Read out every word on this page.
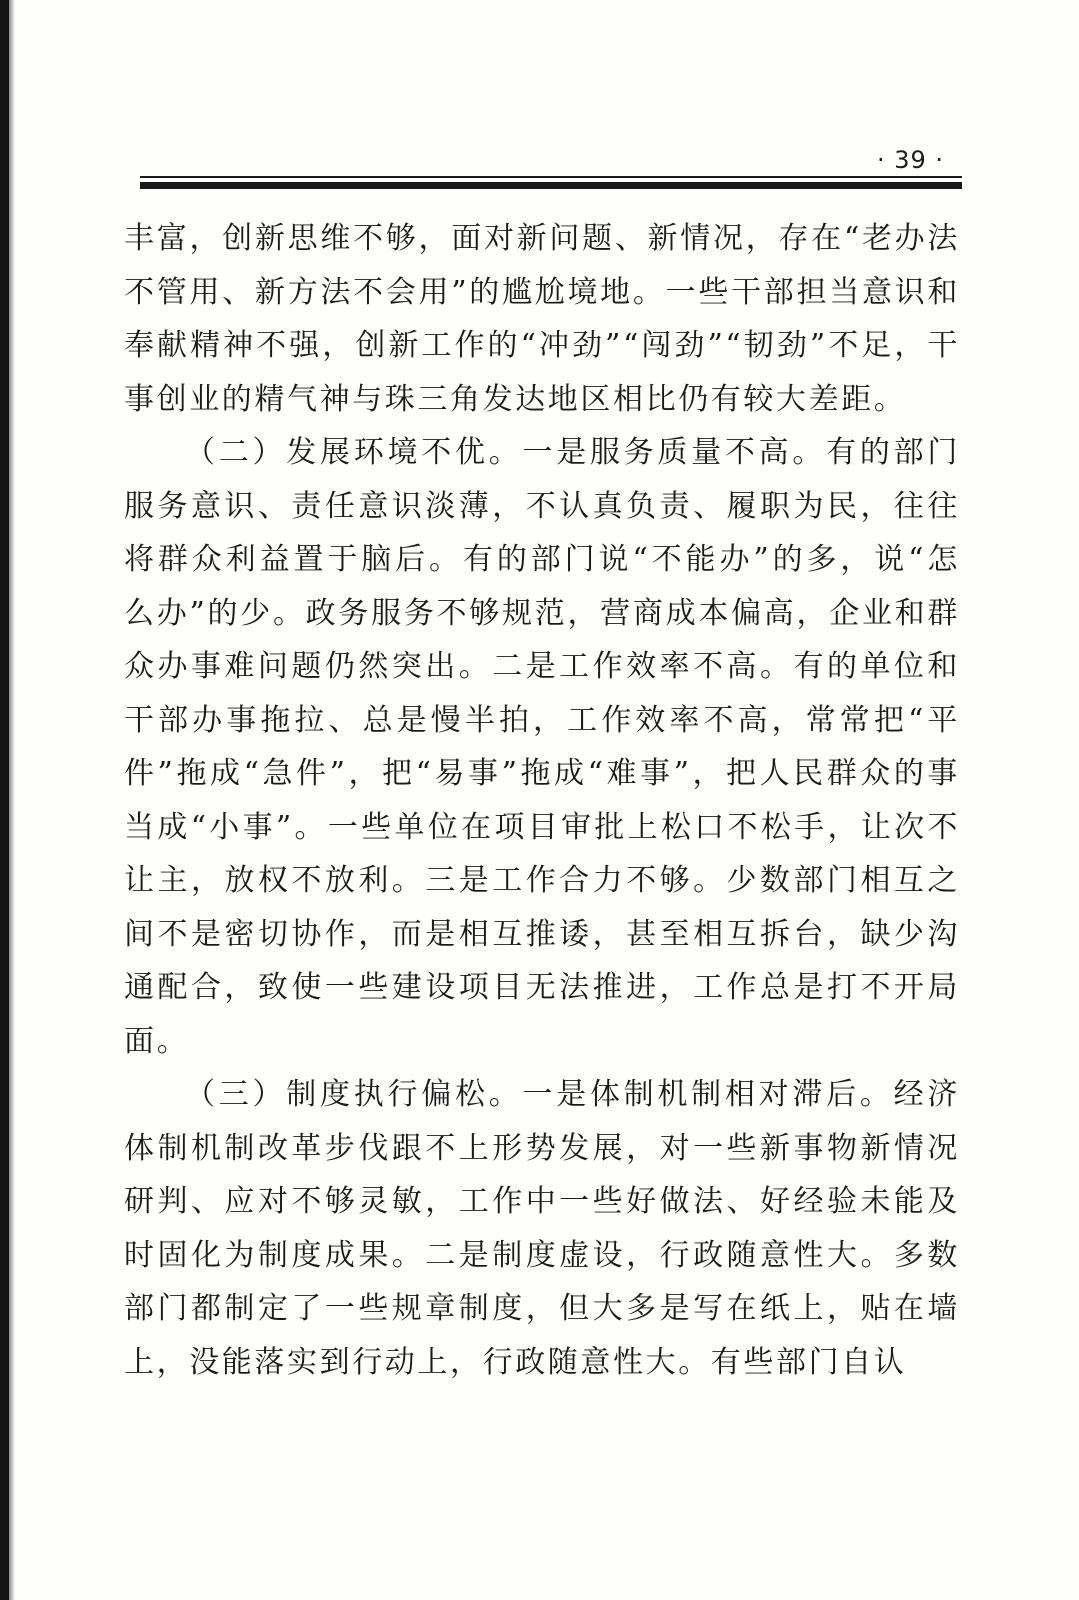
· 39 ·

丰富，创新思维不够，面对新问题、新情况，存在“老办法不管用、新方法不会用”的尴尬境地。一些干部担当意识和奉献精神不强，创新工作的“冲劲”“闯劲”“韧劲”不足，干事创业的精气神与珠三角发达地区相比仍有较大差距。

（二）发展环境不优。一是服务质量不高。有的部门服务意识、责任意识淡薄，不认真负责、履职为民，往往将群众利益置于脑后。有的部门说“不能办”的多，说“怎么办”的少。政务服务不够规范，营商成本偏高，企业和群众办事难问题仍然突出。二是工作效率不高。有的单位和干部办事拖拉、总是慢半拍，工作效率不高，常常把“平件”拖成“急件”，把“易事”拖成“难事”，把人民群众的事当成“小事”。一些单位在项目审批上松口不松手，让次不让主，放权不放利。三是工作合力不够。少数部门相互之间不是密切协作，而是相互推诿，甚至相互拆台，缺少沟通配合，致使一些建设项目无法推进，工作总是打不开局面。

（三）制度执行偏松。一是体制机制相对滞后。经济体制机制改革步伐跟不上形势发展，对一些新事物新情况研判、应对不够灵敏，工作中一些好做法、好经验未能及时固化为制度成果。二是制度虚设，行政随意性大。多数部门都制定了一些规章制度，但大多是写在纸上，贴在墙上，没能落实到行动上，行政随意性大。有些部门自认
